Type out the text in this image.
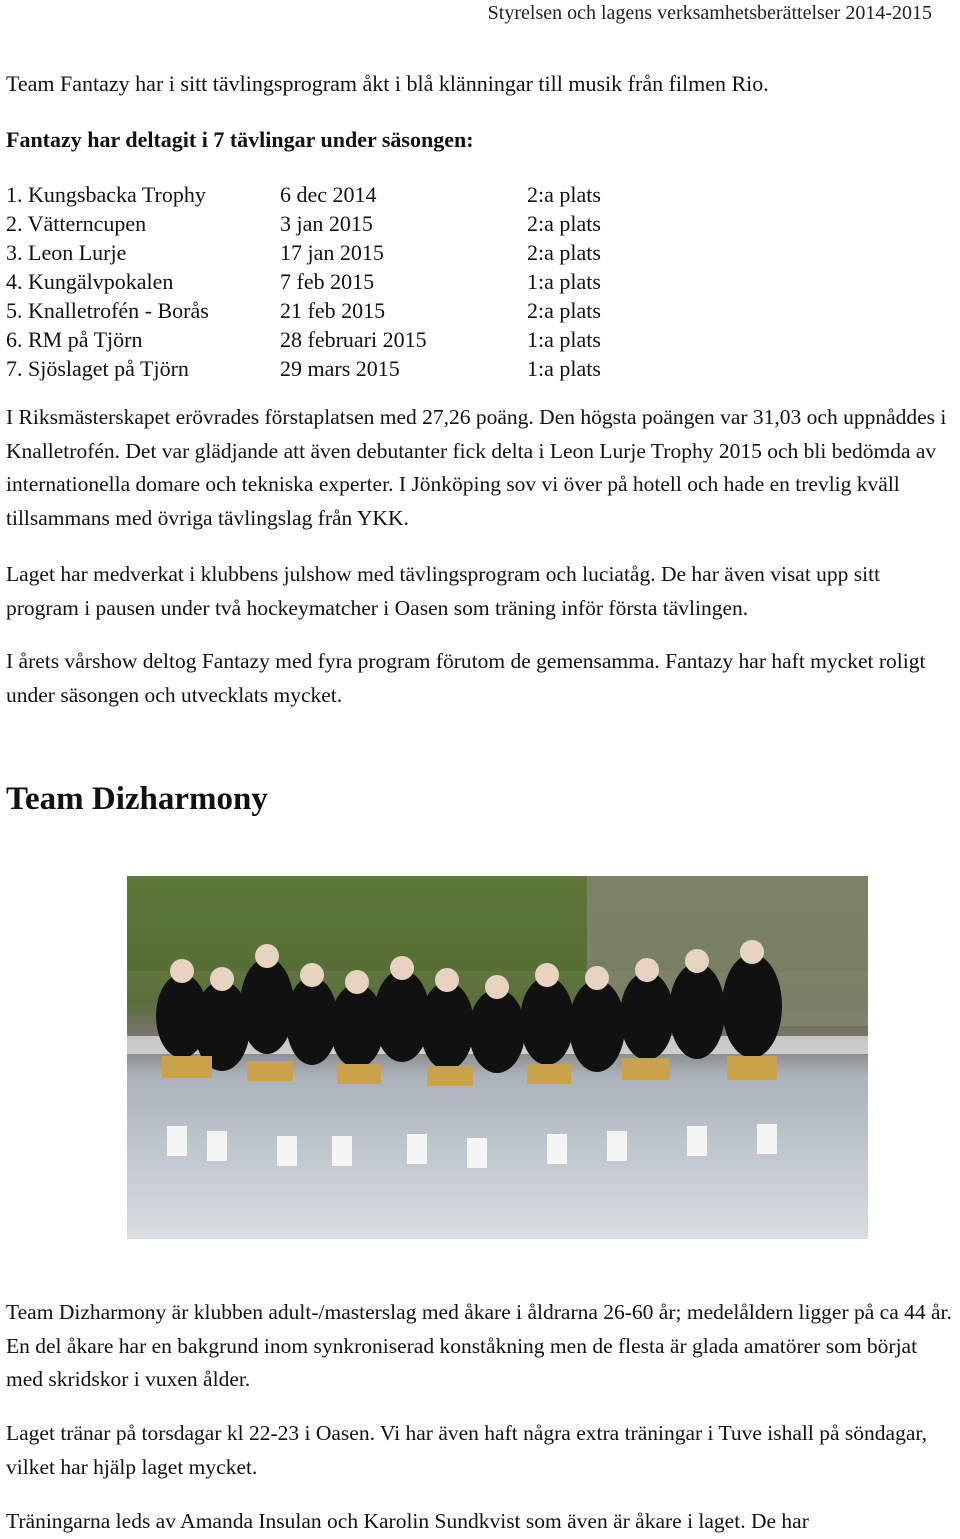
Styrelsen och lagens verksamhetsberättelser 2014-2015
Team Fantazy har i sitt tävlingsprogram åkt i blå klänningar till musik från filmen Rio.
Fantazy har deltagit i 7 tävlingar under säsongen:
1. Kungsbacka Trophy	6 dec 2014	2:a plats
2. Vätterncupen	3 jan 2015	2:a plats
3. Leon Lurje	17 jan 2015	2:a plats
4. Kungälvpokalen	7 feb 2015	1:a plats
5. Knalletrofén - Borås	21 feb 2015	2:a plats
6. RM på Tjörn	28 februari 2015	1:a plats
7. Sjöslaget på Tjörn	29 mars 2015	1:a plats
I Riksmästerskapet erövrades förstaplatsen med 27,26 poäng. Den högsta poängen var 31,03 och uppnåddes i Knalletrofén. Det var glädjande att även debutanter fick delta i Leon Lurje Trophy 2015 och bli bedömda av internationella domare och tekniska experter. I Jönköping sov vi över på hotell och hade en trevlig kväll tillsammans med övriga tävlingslag från YKK.
Laget har medverkat i klubbens julshow med tävlingsprogram och luciatåg. De har även visat upp sitt program i pausen under två hockeymatcher i Oasen som träning inför första tävlingen.
I årets vårshow deltog Fantazy med fyra program förutom de gemensamma. Fantazy har haft mycket roligt under säsongen och utvecklats mycket.
Team Dizharmony
Team Dizharmony är klubben adult-/masterslag med åkare i åldrarna 26-60 år; medelåldern ligger på ca 44 år. En del åkare har en bakgrund inom synkroniserad konståkning men de flesta är glada amatörer som börjat med skridskor i vuxen ålder.
Laget tränar på torsdagar kl 22-23 i Oasen. Vi har även haft några extra träningar i Tuve ishall på söndagar, vilket har hjälp laget mycket.
Träningarna leds av Amanda Insulan och Karolin Sundkvist som även är åkare i laget. De har
